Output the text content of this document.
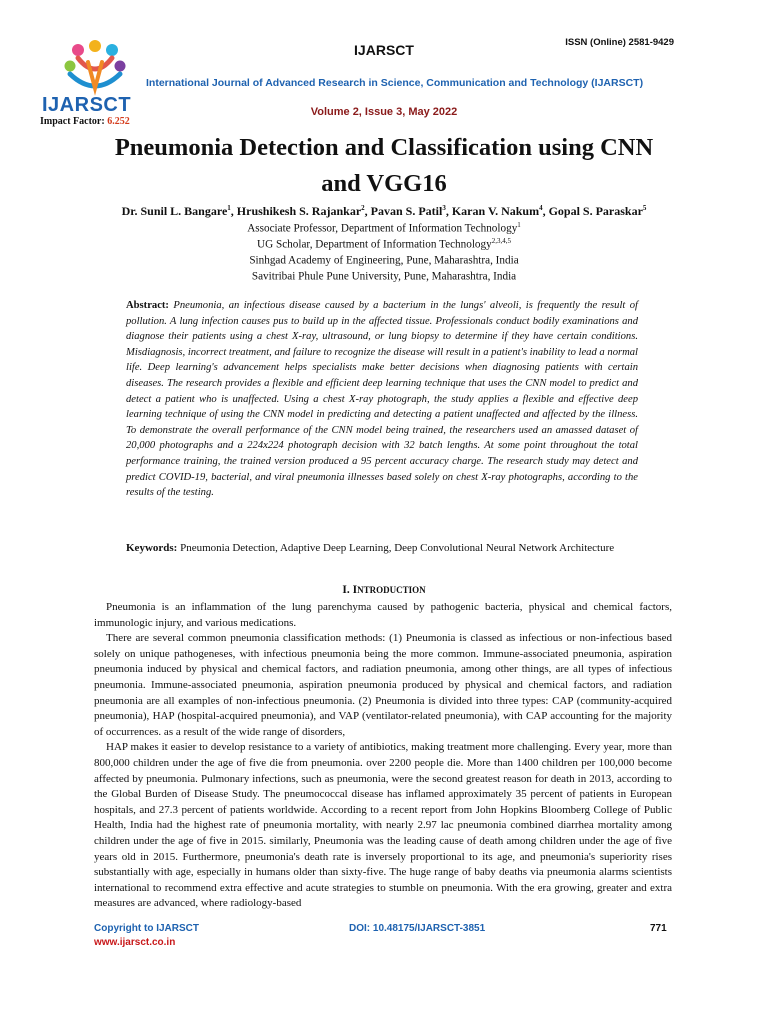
IJARSCT
Impact Factor: 6.252
IJARSCT	ISSN (Online) 2581-9429
International Journal of Advanced Research in Science, Communication and Technology (IJARSCT)
Volume 2, Issue 3, May 2022
Pneumonia Detection and Classification using CNN
and VGG16
Dr. Sunil L. Bangare$^1$, Hrushikesh S. Rajankar$^2$, Pavan S. Patil$^3$, Karan V. Nakum$^4$, Gopal S. Paraskar$^5$
Associate Professor, Department of Information Technology$^1$
UG Scholar, Department of Information Technology$^{2,3,4,5}$
Sinhgad Academy of Engineering, Pune, Maharashtra, India
Savitribai Phule Pune University, Pune, Maharashtra, India
Abstract: Pneumonia, an infectious disease caused by a bacterium in the lungs' alveoli, is frequently the result of pollution. A lung infection causes pus to build up in the affected tissue. Professionals conduct bodily examinations and diagnose their patients using a chest X-ray, ultrasound, or lung biopsy to determine if they have certain conditions. Misdiagnosis, incorrect treatment, and failure to recognize the disease will result in a patient's inability to lead a normal life. Deep learning's advancement helps specialists make better decisions when diagnosing patients with certain diseases. The research provides a flexible and efficient deep learning technique that uses the CNN model to predict and detect a patient who is unaffected. Using a chest X-ray photograph, the study applies a flexible and effective deep learning technique of using the CNN model in predicting and detecting a patient unaffected and affected by the illness. To demonstrate the overall performance of the CNN model being trained, the researchers used an amassed dataset of 20,000 photographs and a 224x224 photograph decision with 32 batch lengths. At some point throughout the total performance training, the trained version produced a 95 percent accuracy charge. The research study may detect and predict COVID-19, bacterial, and viral pneumonia illnesses based solely on chest X-ray photographs, according to the results of the testing.
Keywords: Pneumonia Detection, Adaptive Deep Learning, Deep Convolutional Neural Network Architecture
I. INTRODUCTION

Pneumonia is an inflammation of the lung parenchyma caused by pathogenic bacteria, physical and chemical factors, immunologic injury, and various medications.

There are several common pneumonia classification methods: (1) Pneumonia is classed as infectious or non-infectious based solely on unique pathogeneses, with infectious pneumonia being the more common. Immune-associated pneumonia, aspiration pneumonia induced by physical and chemical factors, and radiation pneumonia, among other things, are all types of infectious pneumonia. Immune-associated pneumonia, aspiration pneumonia produced by physical and chemical factors, and radiation pneumonia are all examples of non-infectious pneumonia. (2) Pneumonia is divided into three types: CAP (community-acquired pneumonia), HAP (hospital-acquired pneumonia), and VAP (ventilator-related pneumonia), with CAP accounting for the majority of occurrences. as a result of the wide range of disorders,

HAP makes it easier to develop resistance to a variety of antibiotics, making treatment more challenging. Every year, more than 800,000 children under the age of five die from pneumonia. over 2200 people die. More than 1400 children per 100,000 become affected by pneumonia. Pulmonary infections, such as pneumonia, were the second greatest reason for death in 2013, according to the Global Burden of Disease Study. The pneumococcal disease has inflamed approximately 35 percent of patients in European hospitals, and 27.3 percent of patients worldwide. According to a recent report from John Hopkins Bloomberg College of Public Health, India had the highest rate of pneumonia mortality, with nearly 2.97 lac pneumonia combined diarrhea mortality among children under the age of five in 2015. similarly, Pneumonia was the leading cause of death among children under the age of five years old in 2015. Furthermore, pneumonia's death rate is inversely proportional to its age, and pneumonia's superiority rises substantially with age, especially in humans older than sixty-five. The huge range of baby deaths via pneumonia alarms scientists international to recommend extra effective and acute strategies to stumble on pneumonia. With the era growing, greater and extra measures are advanced, where radiology-based

Copyright to IJARSCT
www.ijarsct.co.in
DOI: 10.48175/IJARSCT-3851	771
